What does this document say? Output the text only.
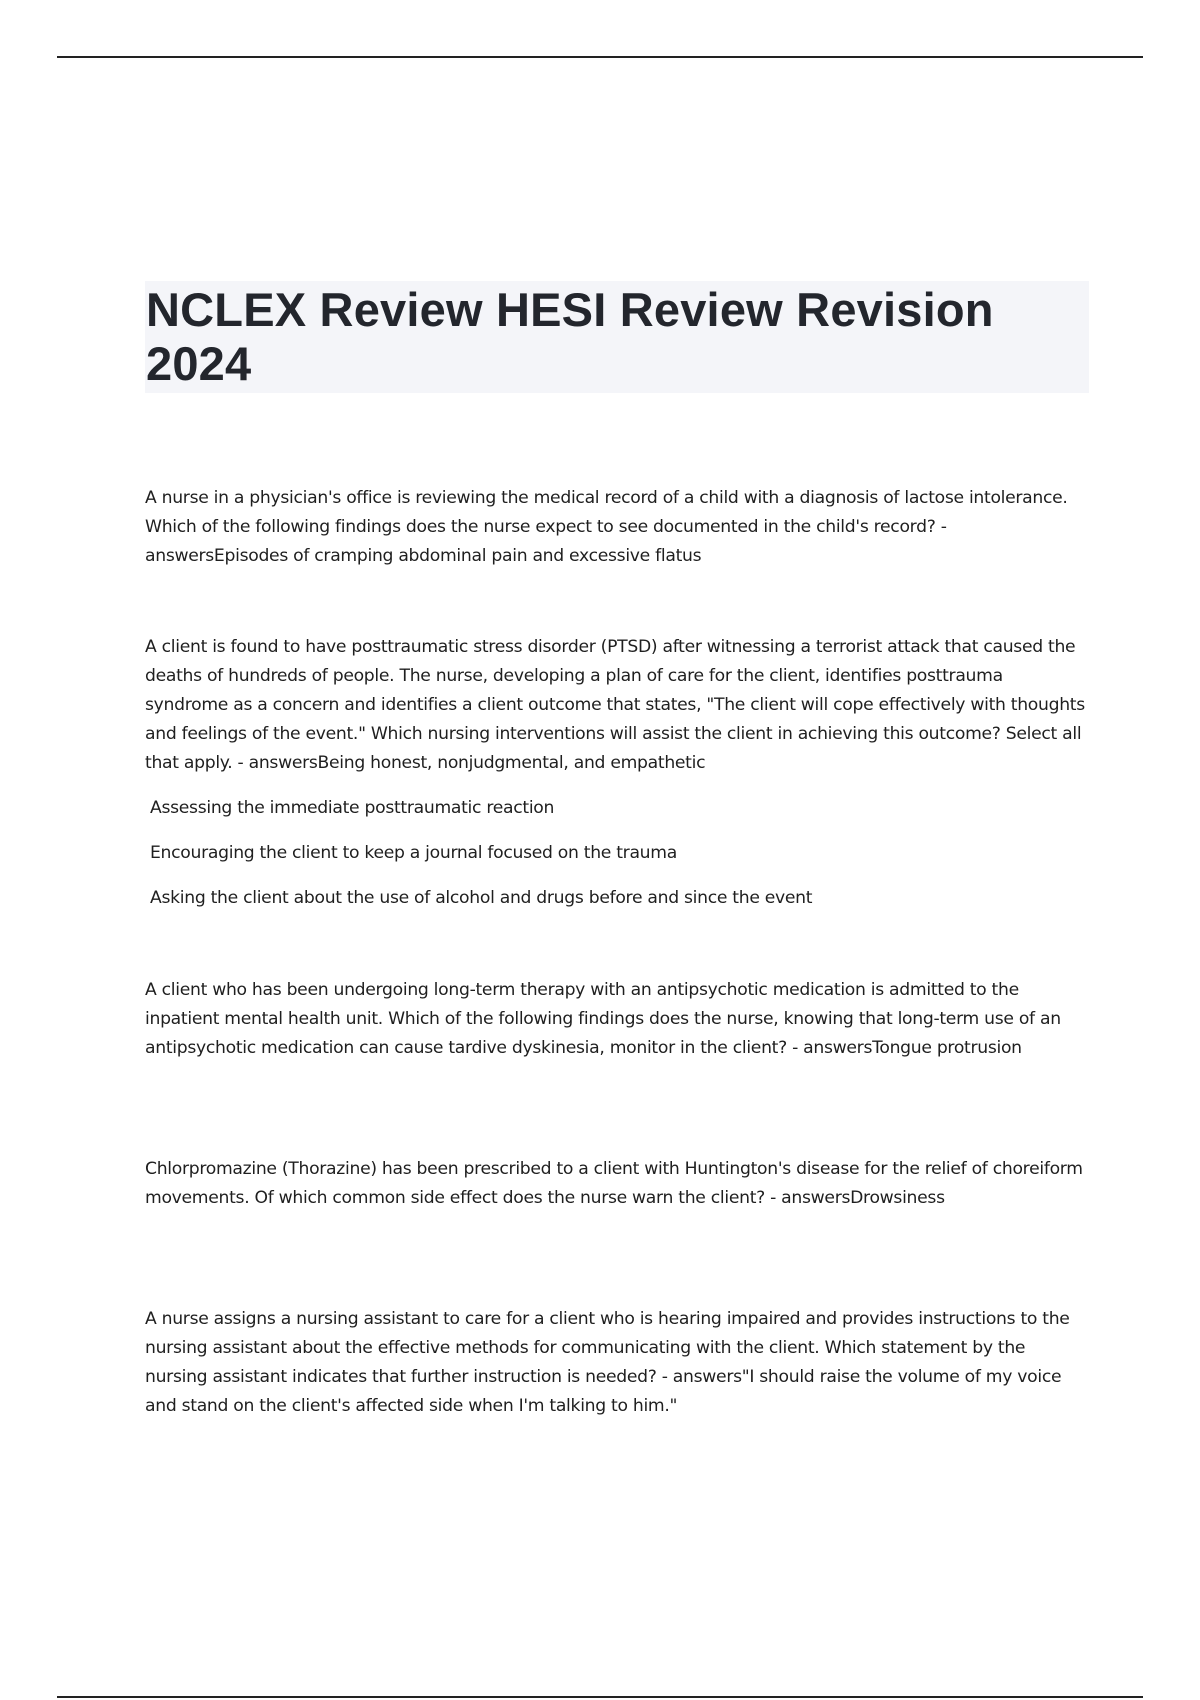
NCLEX Review HESI Review Revision 2024

A nurse in a physician's office is reviewing the medical record of a child with a diagnosis of lactose intolerance. Which of the following findings does the nurse expect to see documented in the child's record? - answersEpisodes of cramping abdominal pain and excessive flatus

A client is found to have posttraumatic stress disorder (PTSD) after witnessing a terrorist attack that caused the deaths of hundreds of people. The nurse, developing a plan of care for the client, identifies posttrauma syndrome as a concern and identifies a client outcome that states, "The client will cope effectively with thoughts and feelings of the event." Which nursing interventions will assist the client in achieving this outcome? Select all that apply. - answersBeing honest, nonjudgmental, and empathetic

Assessing the immediate posttraumatic reaction

Encouraging the client to keep a journal focused on the trauma

Asking the client about the use of alcohol and drugs before and since the event

A client who has been undergoing long-term therapy with an antipsychotic medication is admitted to the inpatient mental health unit. Which of the following findings does the nurse, knowing that long-term use of an antipsychotic medication can cause tardive dyskinesia, monitor in the client? - answersTongue protrusion

Chlorpromazine (Thorazine) has been prescribed to a client with Huntington's disease for the relief of choreiform movements. Of which common side effect does the nurse warn the client? - answersDrowsiness

A nurse assigns a nursing assistant to care for a client who is hearing impaired and provides instructions to the nursing assistant about the effective methods for communicating with the client. Which statement by the nursing assistant indicates that further instruction is needed? - answers"I should raise the volume of my voice and stand on the client's affected side when I'm talking to him."
